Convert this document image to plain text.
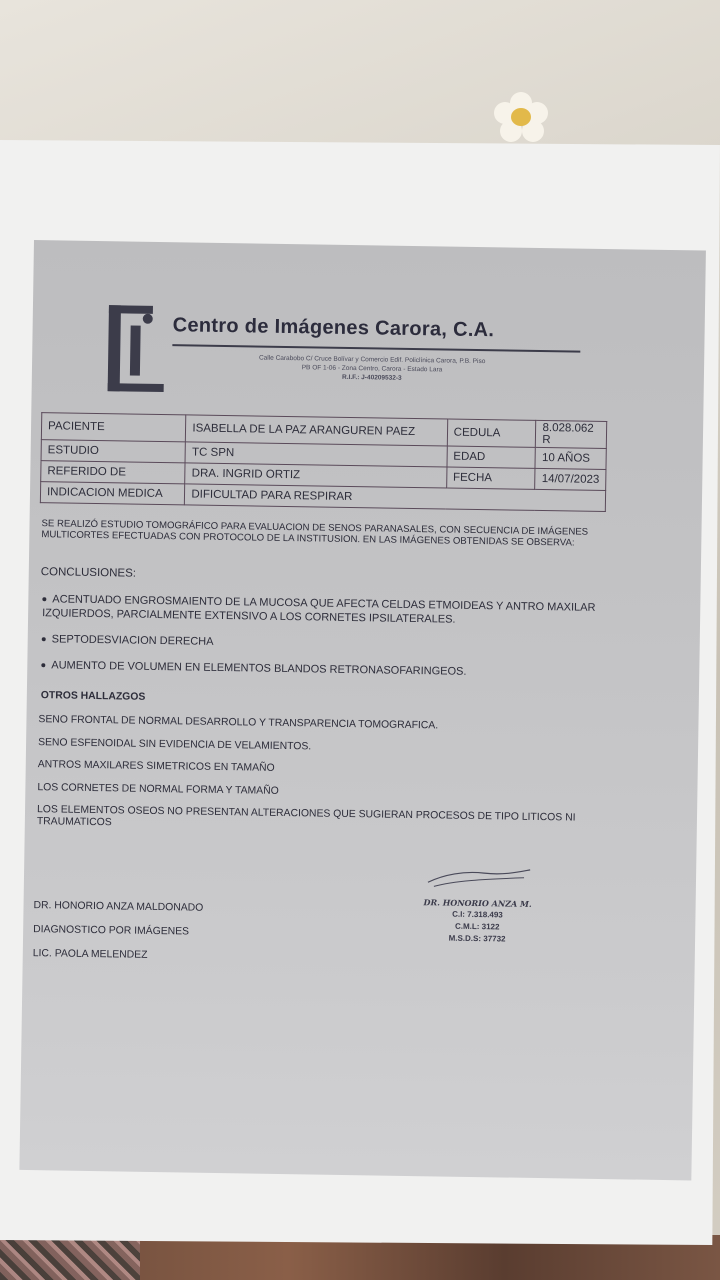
Centro de Imágenes Carora, C.A.
Calle Carabobo C/ Cruce Bolívar y Comercio Edif. Policlínica Carora, P.B. Piso
PB OF 1-06 - Zona Centro, Carora - Estado Lara
R.I.F.: J-40209532-3
PACIENTE	ISABELLA DE LA PAZ ARANGUREN PAEZ	CEDULA	8.028.062 R
ESTUDIO	TC SPN	EDAD	10 AÑOS
REFERIDO DE	DRA. INGRID ORTIZ	FECHA	14/07/2023
INDICACION MEDICA	DIFICULTAD PARA RESPIRAR		
SE REALIZÓ ESTUDIO TOMOGRÁFICO PARA EVALUACION DE SENOS PARANASALES, CON SECUENCIA DE IMÁGENES MULTICORTES EFECTUADAS CON PROTOCOLO DE LA INSTITUSION. EN LAS IMÁGENES OBTENIDAS SE OBSERVA:
CONCLUSIONES:
ACENTUADO ENGROSMAIENTO DE LA MUCOSA QUE AFECTA CELDAS ETMOIDEAS Y ANTRO MAXILAR IZQUIERDOS, PARCIALMENTE EXTENSIVO A LOS CORNETES IPSILATERALES.
SEPTODESVIACION DERECHA
AUMENTO DE VOLUMEN EN ELEMENTOS BLANDOS RETRONASOFARINGEOS.
OTROS HALLAZGOS
SENO FRONTAL DE NORMAL DESARROLLO Y TRANSPARENCIA TOMOGRAFICA.
SENO ESFENOIDAL SIN EVIDENCIA DE VELAMIENTOS.
ANTROS MAXILARES SIMETRICOS EN TAMAÑO
LOS CORNETES DE NORMAL FORMA Y TAMAÑO
LOS ELEMENTOS OSEOS NO PRESENTAN ALTERACIONES QUE SUGIERAN PROCESOS DE TIPO LITICOS NI TRAUMATICOS
DR. HONORIO ANZA MALDONADO
DIAGNOSTICO POR IMÁGENES
LIC. PAOLA MELENDEZ
DR. HONORIO ANZA M.
C.I: 7.318.493
C.M.L: 3122
M.S.D.S: 37732
